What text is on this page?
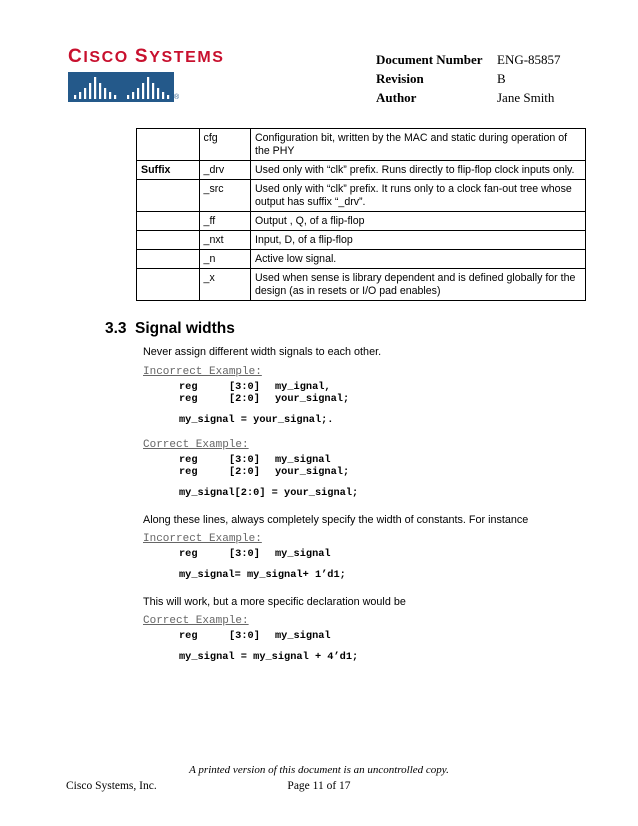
CISCO SYSTEMS
®
Document Number ENG-85857
Revision	B
Author	Jane Smith
	cfg	Configuration bit, written by the MAC and static during operation of the PHY
Suffix	_drv	Used only with “clk” prefix. Runs directly to flip-flop clock inputs only.
	_src	Used only with “clk” prefix. It runs only to a clock fan-out tree whose output has suffix “_drv”.
	_ff	Output , Q, of a flip-flop
	_nxt	Input, D, of a flip-flop
	_n	Active low signal.
	_x	Used when sense is library dependent and is defined globally for the design (as in resets or I/O pad enables)
3.3 Signal widths
Never assign different width signals to each other.
Incorrect Example:
reg	[3:0] my_ignal,
reg	[2:0] your_signal;
my_signal = your_signal;.
Correct Example:
reg	[3:0] my_signal
reg	[2:0] your_signal;
my_signal[2:0] = your_signal;
Along these lines, always completely specify the width of constants. For instance
Incorrect Example:
reg	[3:0] my_signal
my_signal= my_signal+ 1’d1;
This will work, but a more specific declaration would be
Correct Example:
reg	[3:0] my_signal
my_signal = my_signal + 4’d1;
A printed version of this document is an uncontrolled copy.
Cisco Systems, Inc.	Page 11 of 17
